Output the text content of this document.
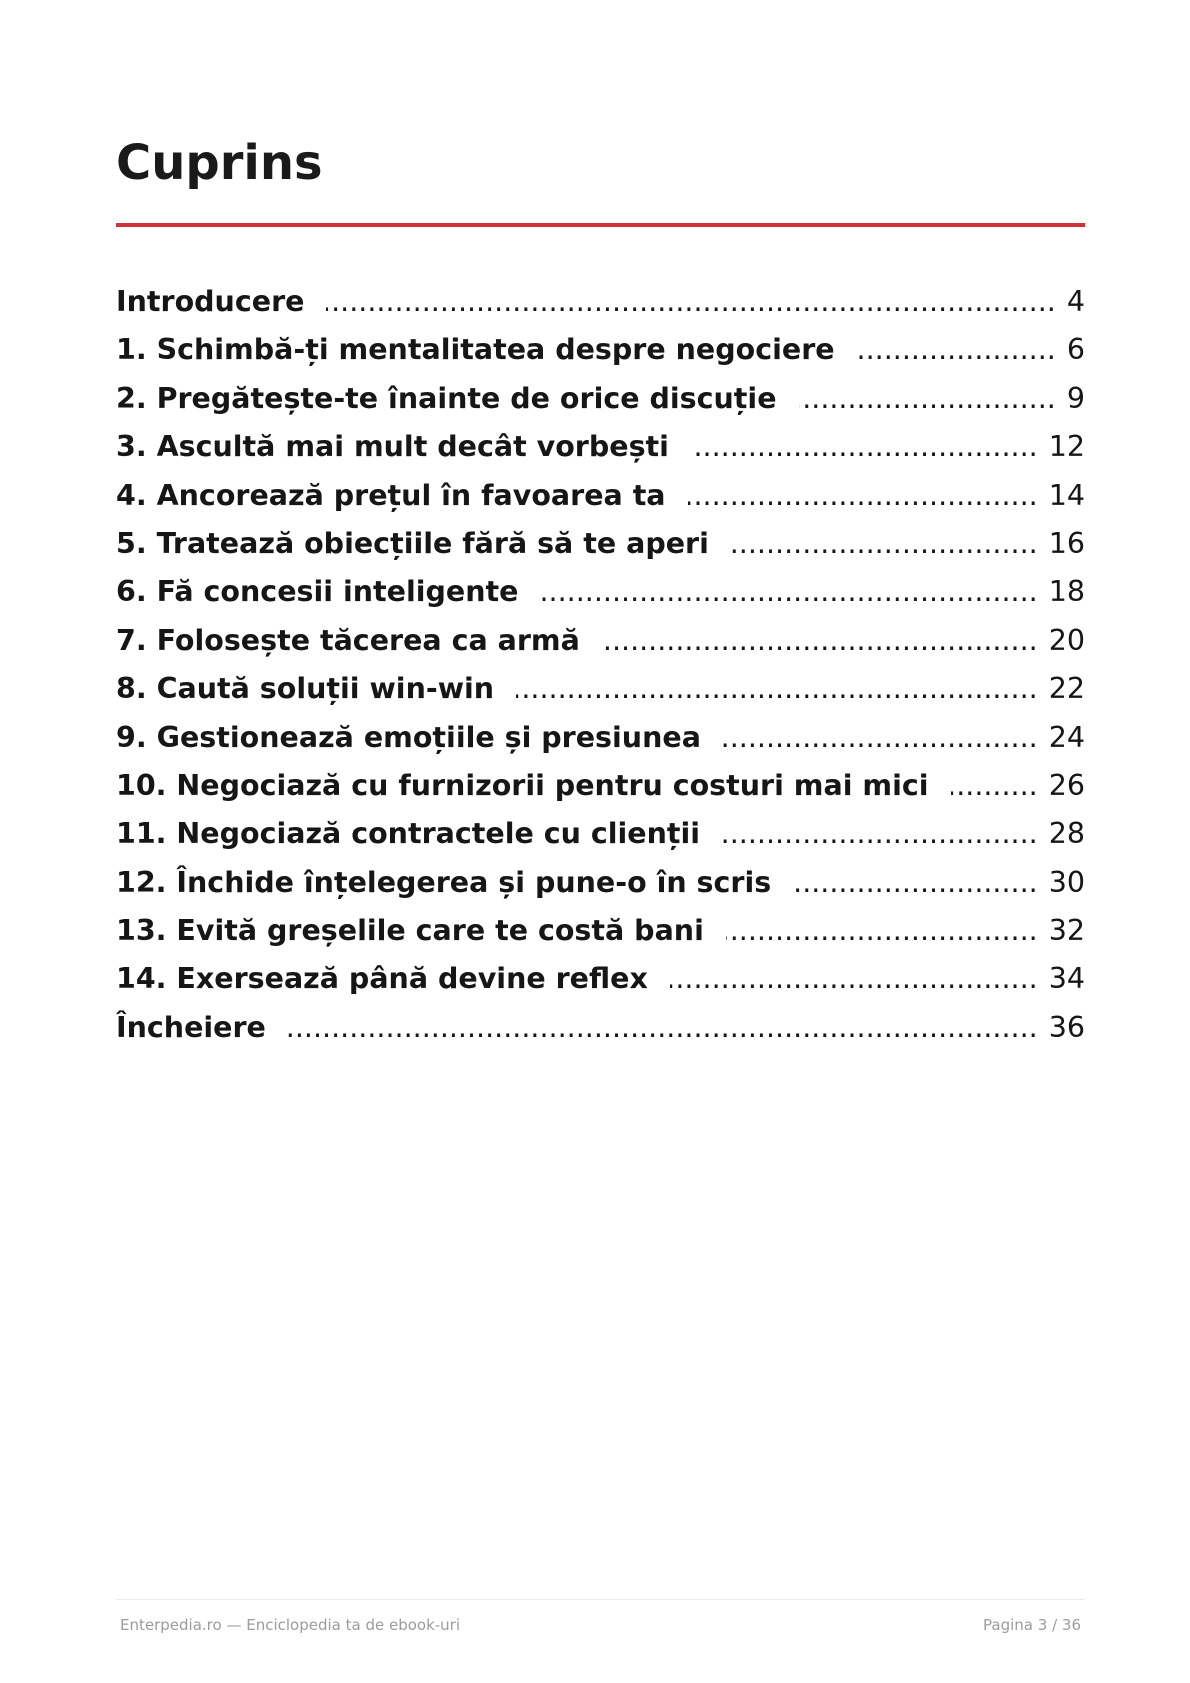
Cuprins
Introducere .....	4
1. Schimbă-ți mentalitatea despre negociere .....	6
2. Pregătește-te înainte de orice discuție .....	9
3. Ascultă mai mult decât vorbești .....	12
4. Ancorează prețul în favoarea ta .....	14
5. Tratează obiecțiile fără să te aperi .....	16
6. Fă concesii inteligente .....	18
7. Folosește tăcerea ca armă .....	20
8. Caută soluții win-win .....	22
9. Gestionează emoțiile și presiunea .....	24
10. Negociază cu furnizorii pentru costuri mai mici .....	26
11. Negociază contractele cu clienții .....	28
12. Închide înțelegerea și pune-o în scris .....	30
13. Evită greșelile care te costă bani .....	32
14. Exersează până devine reflex .....	34
Încheiere .....	36
Enterpedia.ro — Enciclopedia ta de ebook-uri	Pagina 3 / 36
